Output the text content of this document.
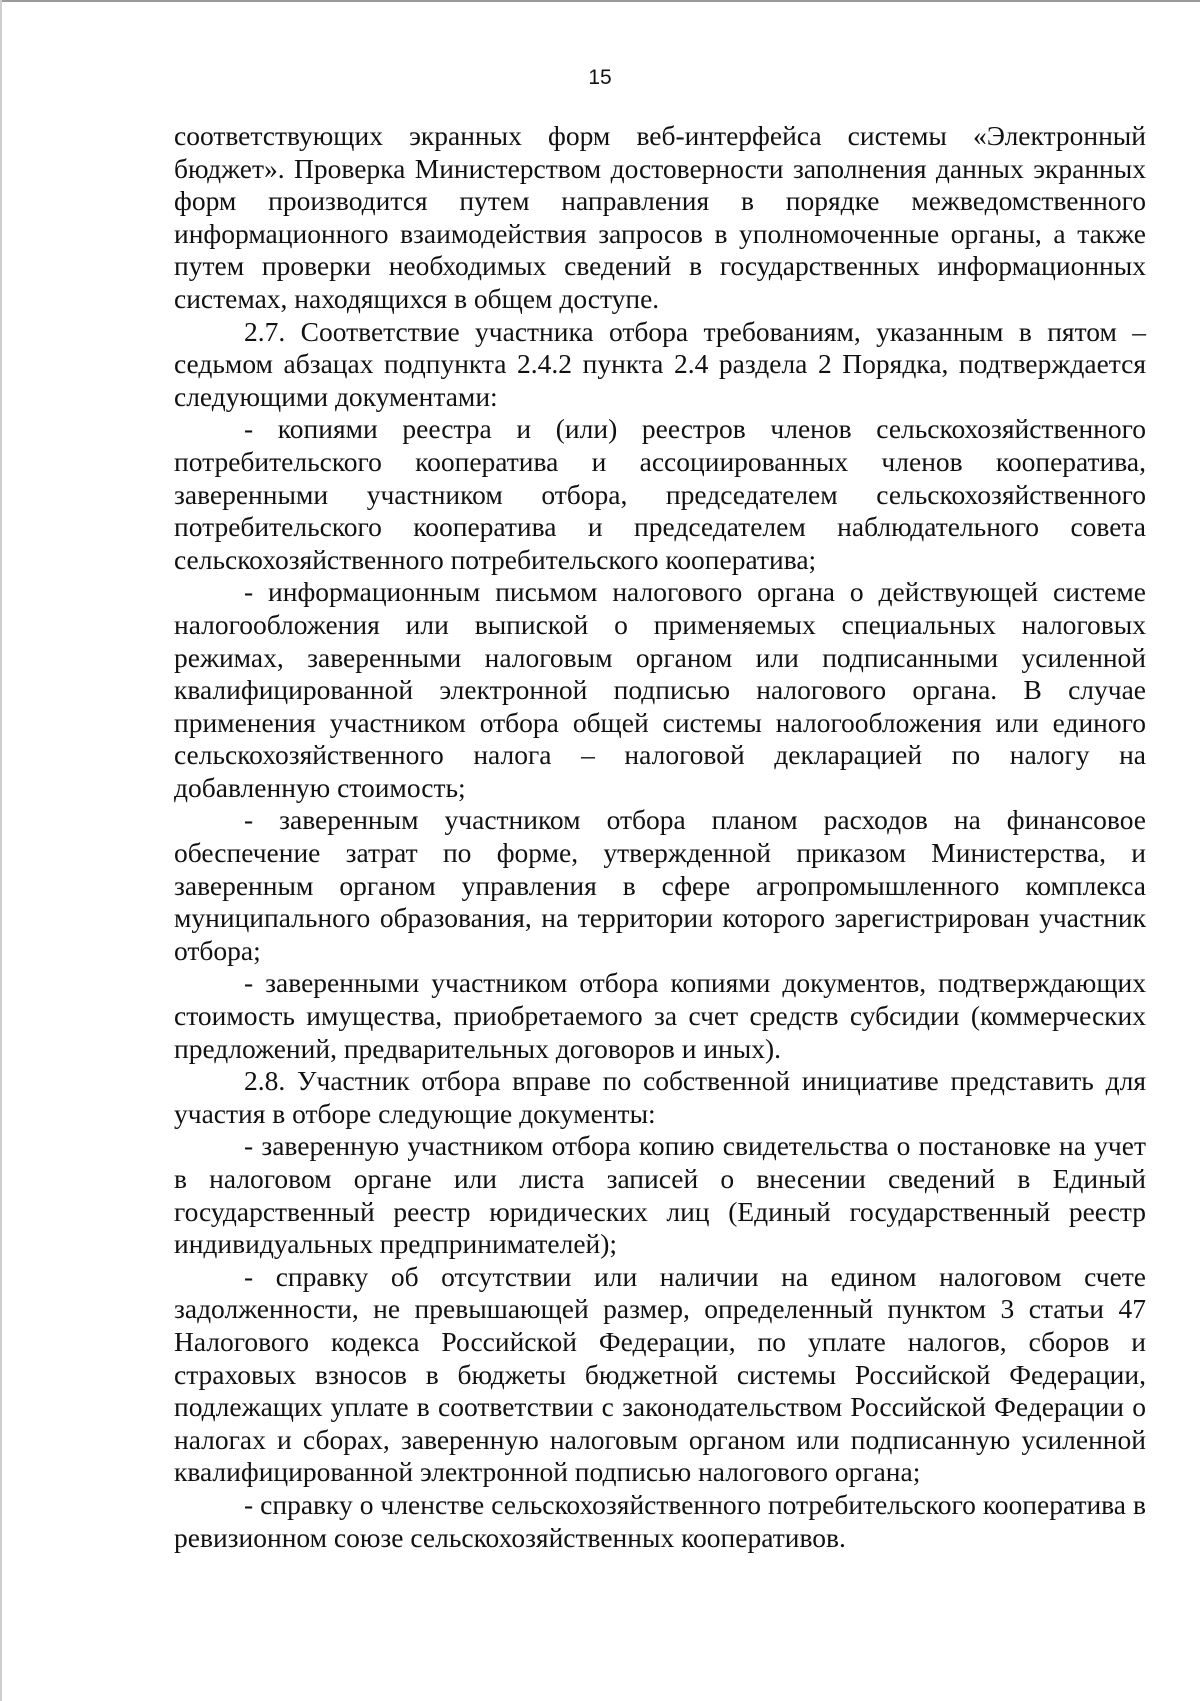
15

соответствующих экранных форм веб-интерфейса системы «Электронный бюджет». Проверка Министерством достоверности заполнения данных экранных форм производится путем направления в порядке межведомственного информационного взаимодействия запросов в уполномоченные органы, а также путем проверки необходимых сведений в государственных информационных системах, находящихся в общем доступе.

2.7. Соответствие участника отбора требованиям, указанным в пятом – седьмом абзацах подпункта 2.4.2 пункта 2.4 раздела 2 Порядка, подтверждается следующими документами:

- копиями реестра и (или) реестров членов сельскохозяйственного потребительского кооператива и ассоциированных членов кооператива, заверенными участником отбора, председателем сельскохозяйственного потребительского кооператива и председателем наблюдательного совета сельскохозяйственного потребительского кооператива;

- информационным письмом налогового органа о действующей системе налогообложения или выпиской о применяемых специальных налоговых режимах, заверенными налоговым органом или подписанными усиленной квалифицированной электронной подписью налогового органа. В случае применения участником отбора общей системы налогообложения или единого сельскохозяйственного налога – налоговой декларацией по налогу на добавленную стоимость;

- заверенным участником отбора планом расходов на финансовое обеспечение затрат по форме, утвержденной приказом Министерства, и заверенным органом управления в сфере агропромышленного комплекса муниципального образования, на территории которого зарегистрирован участник отбора;

- заверенными участником отбора копиями документов, подтверждающих стоимость имущества, приобретаемого за счет средств субсидии (коммерческих предложений, предварительных договоров и иных).

2.8. Участник отбора вправе по собственной инициативе представить для участия в отборе следующие документы:

- заверенную участником отбора копию свидетельства о постановке на учет в налоговом органе или листа записей о внесении сведений в Единый государственный реестр юридических лиц (Единый государственный реестр индивидуальных предпринимателей);

- справку об отсутствии или наличии на едином налоговом счете задолженности, не превышающей размер, определенный пунктом 3 статьи 47 Налогового кодекса Российской Федерации, по уплате налогов, сборов и страховых взносов в бюджеты бюджетной системы Российской Федерации, подлежащих уплате в соответствии с законодательством Российской Федерации о налогах и сборах, заверенную налоговым органом или подписанную усиленной квалифицированной электронной подписью налогового органа;

- справку о членстве сельскохозяйственного потребительского кооператива в ревизионном союзе сельскохозяйственных кооперативов.
